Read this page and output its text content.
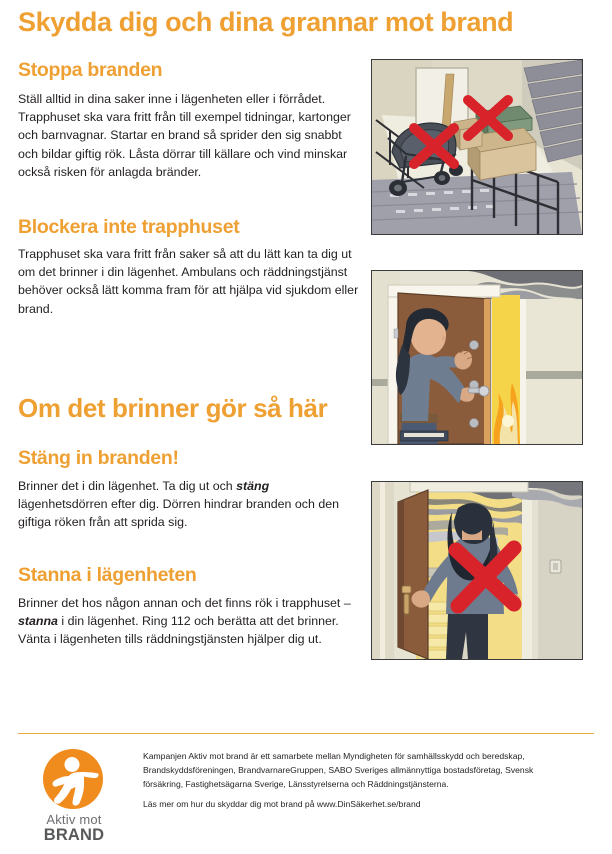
Skydda dig och dina grannar mot brand
Stoppa branden
Ställ alltid in dina saker inne i lägenheten eller i förrådet. Trapphuset ska vara fritt från till exempel tidningar, kartonger och barnvagnar. Startar en brand så sprider den sig snabbt och bildar giftig rök. Låsta dörrar till källare och vind minskar också risken för anlagda bränder.
Blockera inte trapphuset
Trapphuset ska vara fritt från saker så att du lätt kan ta dig ut om det brinner i din lägenhet. Ambulans och räddningstjänst behöver också lätt komma fram för att hjälpa vid sjukdom eller brand.
Om det brinner gör så här
Stäng in branden!
Brinner det i din lägenhet. Ta dig ut och stäng lägenhetsdörren efter dig. Dörren hindrar branden och den giftiga röken från att sprida sig.
Stanna i lägenheten
Brinner det hos någon annan och det finns rök i trapphuset – stanna i din lägenhet. Ring 112 och berätta att det brinner. Vänta i lägenheten tills räddningstjänsten hjälper dig ut.
Aktiv mot
BRAND
Kampanjen Aktiv mot brand är ett samarbete mellan Myndigheten för samhällsskydd och beredskap, Brandskyddsföreningen, BrandvarnareGruppen, SABO Sveriges allmännyttiga bostadsföretag, Svensk försäkring, Fastighetsägarna Sverige, Länsstyrelserna och Räddningstjänsterna.
Läs mer om hur du skyddar dig mot brand på www.DinSäkerhet.se/brand
